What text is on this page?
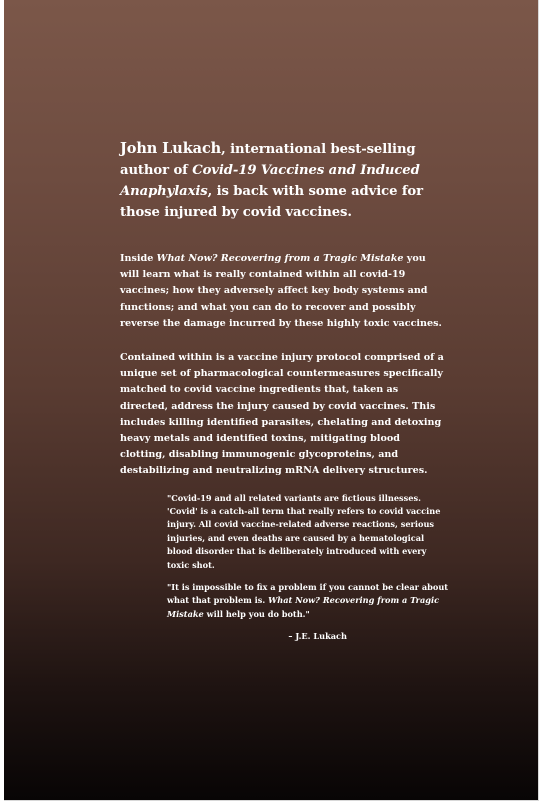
John Lukach, international best-selling author of Covid-19 Vaccines and Induced Anaphylaxis, is back with some advice for those injured by covid vaccines.

Inside What Now? Recovering from a Tragic Mistake you will learn what is really contained within all covid-19 vaccines; how they adversely affect key body systems and functions; and what you can do to recover and possibly reverse the damage incurred by these highly toxic vaccines.

Contained within is a vaccine injury protocol comprised of a unique set of pharmacological countermeasures specifically matched to covid vaccine ingredients that, taken as directed, address the injury caused by covid vaccines. This includes killing identified parasites, chelating and detoxing heavy metals and identified toxins, mitigating blood clotting, disabling immunogenic glycoproteins, and destabilizing and neutralizing mRNA delivery structures.

"Covid-19 and all related variants are fictious illnesses. 'Covid' is a catch-all term that really refers to covid vaccine injury. All covid vaccine-related adverse reactions, serious injuries, and even deaths are caused by a hematological blood disorder that is deliberately introduced with every toxic shot.

"It is impossible to fix a problem if you cannot be clear about what that problem is. What Now? Recovering from a Tragic Mistake will help you do both."

– J.E. Lukach
